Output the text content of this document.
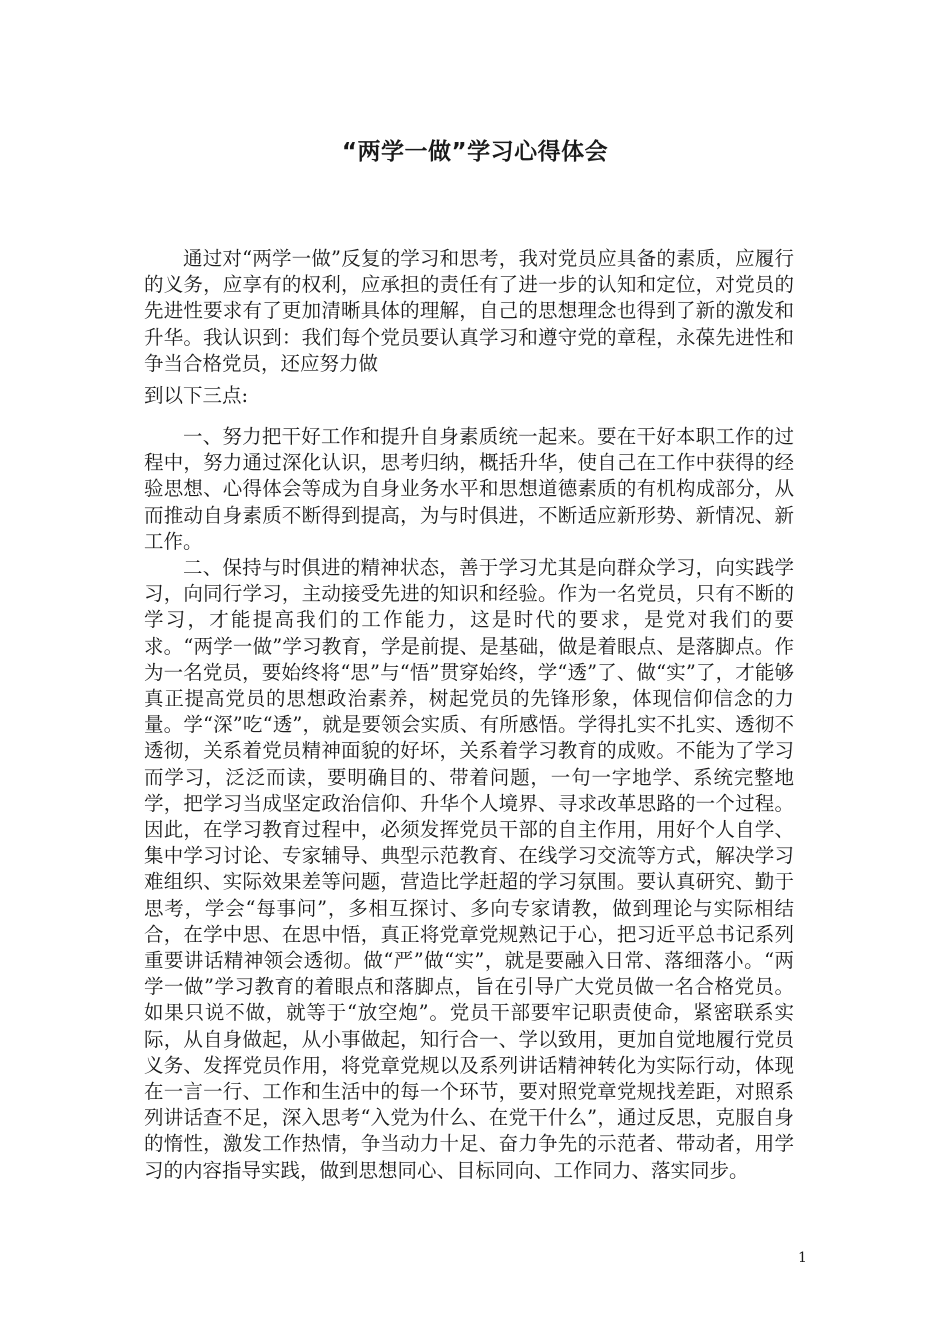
“两学一做”学习心得体会

通过对“两学一做”反复的学习和思考，我对党员应具备的素质，应履行的义务，应享有的权利，应承担的责任有了进一步的认知和定位，对党员的先进性要求有了更加清晰具体的理解，自己的思想理念也得到了新的激发和升华。我认识到：我们每个党员要认真学习和遵守党的章程，永葆先进性和争当合格党员，还应努力做

到以下三点:

一、努力把干好工作和提升自身素质统一起来。要在干好本职工作的过程中，努力通过深化认识，思考归纳，概括升华，使自己在工作中获得的经验思想、心得体会等成为自身业务水平和思想道德素质的有机构成部分，从而推动自身素质不断得到提高，为与时俱进，不断适应新形势、新情况、新工作。

二、保持与时俱进的精神状态，善于学习尤其是向群众学习，向实践学习，向同行学习，主动接受先进的知识和经验。作为一名党员，只有不断的学习，才能提高我们的工作能力，这是时代的要求，是党对我们的要求。“两学一做”学习教育，学是前提、是基础，做是着眼点、是落脚点。作为一名党员，要始终将“思”与“悟”贯穿始终，学“透”了、做“实”了，才能够真正提高党员的思想政治素养，树起党员的先锋形象，体现信仰信念的力量。学“深”吃“透”，就是要领会实质、有所感悟。学得扎实不扎实、透彻不透彻，关系着党员精神面貌的好坏，关系着学习教育的成败。不能为了学习而学习，泛泛而读，要明确目的、带着问题，一句一字地学、系统完整地学，把学习当成坚定政治信仰、升华个人境界、寻求改革思路的一个过程。因此，在学习教育过程中，必须发挥党员干部的自主作用，用好个人自学、集中学习讨论、专家辅导、典型示范教育、在线学习交流等方式，解决学习难组织、实际效果差等问题，营造比学赶超的学习氛围。要认真研究、勤于思考，学会“每事问”，多相互探讨、多向专家请教，做到理论与实际相结合，在学中思、在思中悟，真正将党章党规熟记于心，把习近平总书记系列重要讲话精神领会透彻。做“严”做“实”，就是要融入日常、落细落小。“两学一做”学习教育的着眼点和落脚点，旨在引导广大党员做一名合格党员。如果只说不做，就等于“放空炮”。党员干部要牢记职责使命，紧密联系实际，从自身做起，从小事做起，知行合一、学以致用，更加自觉地履行党员义务、发挥党员作用，将党章党规以及系列讲话精神转化为实际行动，体现在一言一行、工作和生活中的每一个环节，要对照党章党规找差距，对照系列讲话查不足，深入思考“入党为什么、在党干什么”，通过反思，克服自身的惰性，激发工作热情，争当动力十足、奋力争先的示范者、带动者，用学习的内容指导实践，做到思想同心、目标同向、工作同力、落实同步。

1
